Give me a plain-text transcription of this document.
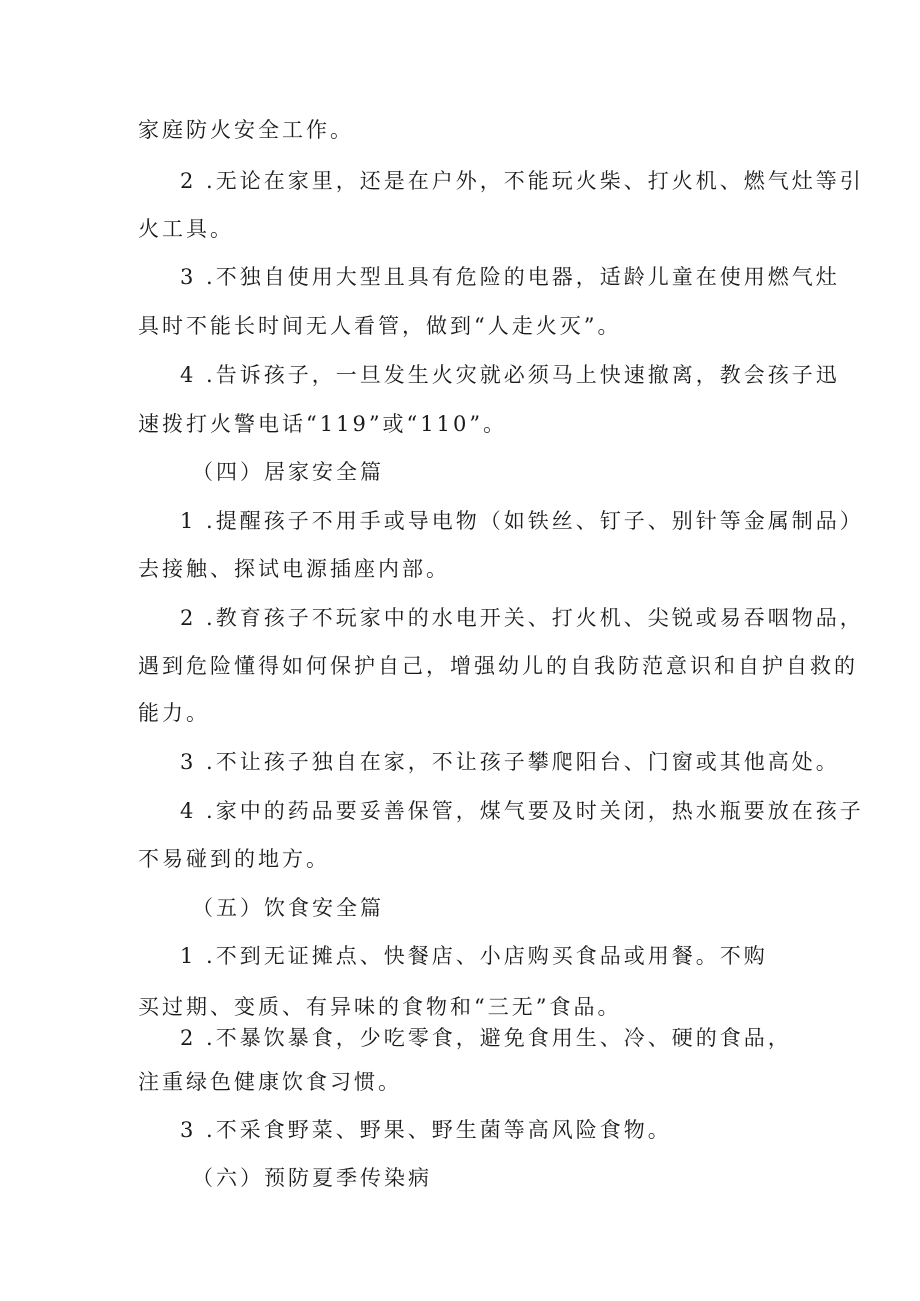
家庭防火安全工作。
2 .无论在家里，还是在户外，不能玩火柴、打火机、燃气灶等引
火工具。
3 .不独自使用大型且具有危险的电器，适龄儿童在使用燃气灶
具时不能长时间无人看管，做到“人走火灭”。
4 .告诉孩子，一旦发生火灾就必须马上快速撤离，教会孩子迅
速拨打火警电话“119”或“110”。
（四）居家安全篇
1 .提醒孩子不用手或导电物（如铁丝、钉子、别针等金属制品）
去接触、探试电源插座内部。
2 .教育孩子不玩家中的水电开关、打火机、尖锐或易吞咽物品，
遇到危险懂得如何保护自己，增强幼儿的自我防范意识和自护自救的
能力。
3 .不让孩子独自在家，不让孩子攀爬阳台、门窗或其他高处。
4 .家中的药品要妥善保管，煤气要及时关闭，热水瓶要放在孩子
不易碰到的地方。
（五）饮食安全篇
1 .不到无证摊点、快餐店、小店购买食品或用餐。不购
买过期、变质、有异味的食物和“三无”食品。
2 .不暴饮暴食，少吃零食，避免食用生、冷、硬的食品，
注重绿色健康饮食习惯。
3 .不采食野菜、野果、野生菌等高风险食物。
（六）预防夏季传染病
